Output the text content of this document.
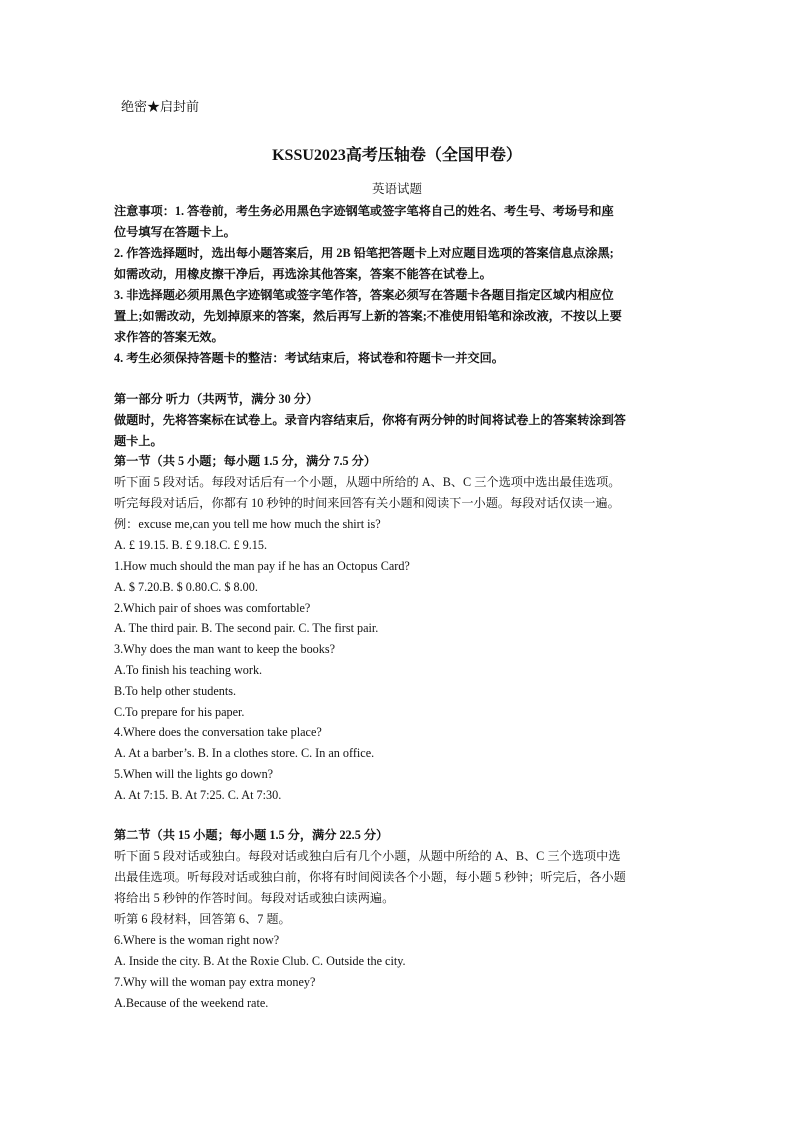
绝密★启封前
KSSU2023高考压轴卷（全国甲卷）
英语试题
注意事项：1. 答卷前，考生务必用黑色字迹钢笔或签字笔将自己的姓名、考生号、考场号和座
位号填写在答题卡上。
2. 作答选择题时，选出每小题答案后，用 2B 铅笔把答题卡上对应题目选项的答案信息点涂黑;
如需改动，用橡皮擦干净后，再选涂其他答案，答案不能答在试卷上。
3. 非选择题必须用黑色字迹钢笔或签字笔作答，答案必须写在答题卡各题目指定区域内相应位
置上;如需改动，先划掉原来的答案，然后再写上新的答案;不准使用铅笔和涂改液，不按以上要
求作答的答案无效。
4. 考生必须保持答题卡的整洁：考试结束后，将试卷和符题卡一并交回。
第一部分 听力（共两节，满分 30 分）
做题时，先将答案标在试卷上。录音内容结束后，你将有两分钟的时间将试卷上的答案转涂到答
题卡上。
第一节（共 5 小题；每小题 1.5 分，满分 7.5 分）
听下面 5 段对话。每段对话后有一个小题，从题中所给的 A、B、C 三个选项中选出最佳选项。
听完每段对话后，你都有 10 秒钟的时间来回答有关小题和阅读下一小题。每段对话仅读一遍。
例：excuse me,can you tell me how much the shirt is?
A. £ 19.15. B. £ 9.18.C. £ 9.15.
1.How much should the man pay if he has an Octopus Card?
A. $ 7.20.B. $ 0.80.C. $ 8.00.
2.Which pair of shoes was comfortable?
A. The third pair. B. The second pair. C. The first pair.
3.Why does the man want to keep the books?
A.To finish his teaching work.
B.To help other students.
C.To prepare for his paper.
4.Where does the conversation take place?
A. At a barber’s. B. In a clothes store. C. In an office.
5.When will the lights go down?
A. At 7:15. B. At 7:25. C. At 7:30.
第二节（共 15 小题；每小题 1.5 分，满分 22.5 分）
听下面 5 段对话或独白。每段对话或独白后有几个小题，从题中所给的 A、B、C 三个选项中选
出最佳选项。听每段对话或独白前，你将有时间阅读各个小题，每小题 5 秒钟；听完后，各小题
将给出 5 秒钟的作答时间。每段对话或独白读两遍。
听第 6 段材料，回答第 6、7 题。
6.Where is the woman right now?
A. Inside the city. B. At the Roxie Club. C. Outside the city.
7.Why will the woman pay extra money?
A.Because of the weekend rate.
